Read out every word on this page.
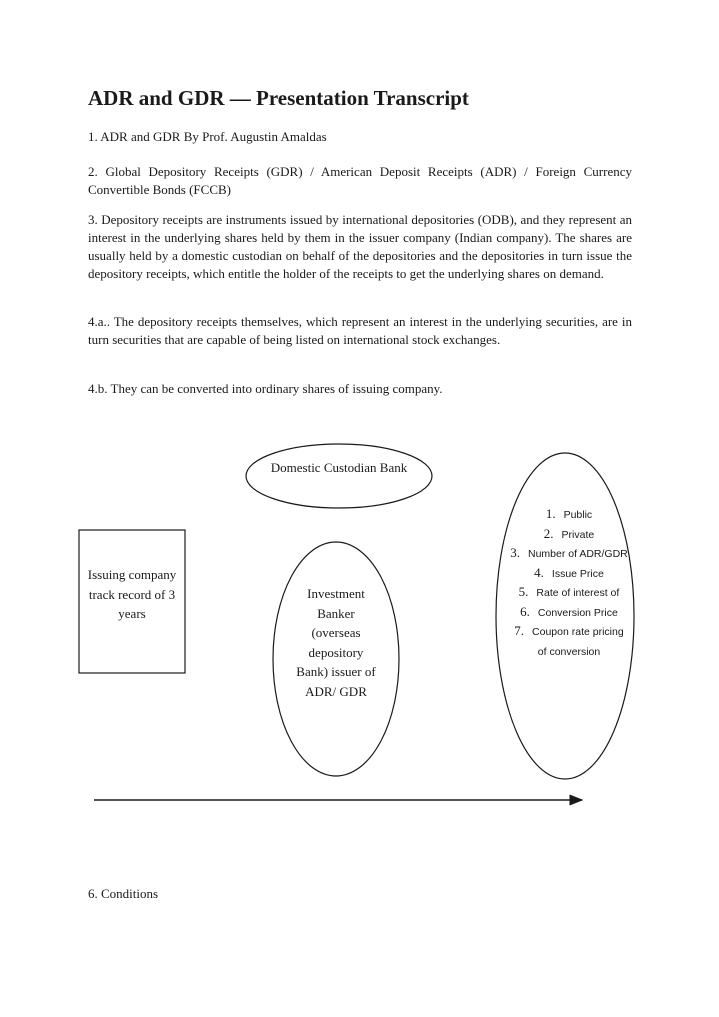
ADR and GDR — Presentation Transcript

1. ADR and GDR By Prof. Augustin Amaldas

2. Global Depository Receipts (GDR) / American Deposit Receipts (ADR) / Foreign Currency Convertible Bonds (FCCB)

3. Depository receipts are instruments issued by international depositories (ODB), and they represent an interest in the underlying shares held by them in the issuer company (Indian company). The shares are usually held by a domestic custodian on behalf of the depositories and the depositories in turn issue the depository receipts, which entitle the holder of the receipts to get the underlying shares on demand.

4.a.. The depository receipts themselves, which represent an interest in the underlying securities, are in turn securities that are capable of being listed on international stock exchanges.

4.b. They can be converted into ordinary shares of issuing company.

Domestic Custodian Bank
Issuing company track record of 3 years
Investment Banker (overseas depository Bank) issuer of ADR/ GDR
1. Public
2. Private
3. Number of ADR/GDR
4. Issue Price
5. Rate of interest of
6. Conversion Price
7. Coupon rate pricing of conversion

6. Conditions
